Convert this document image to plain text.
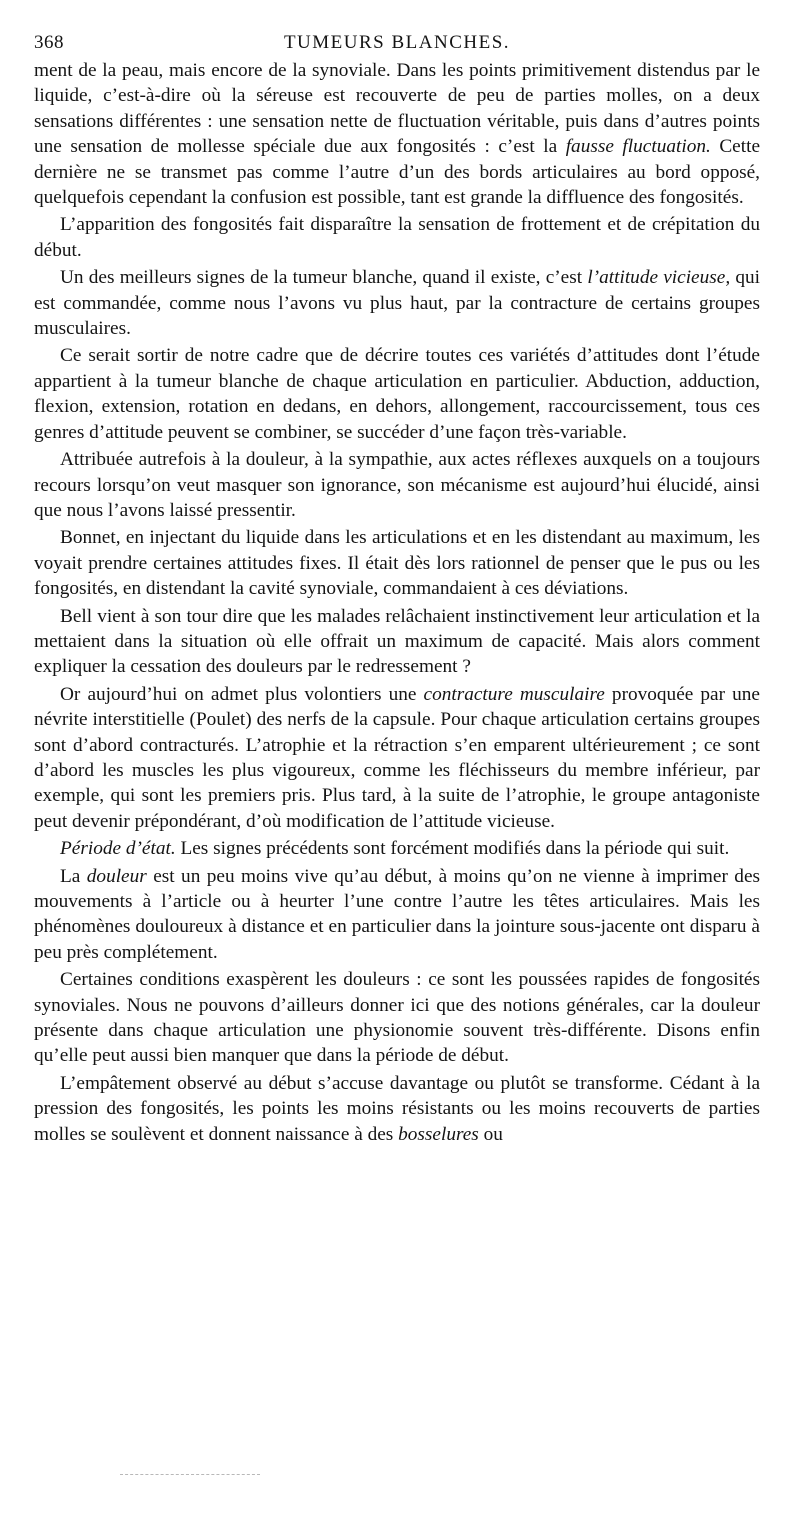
368	TUMEURS BLANCHES.

ment de la peau, mais encore de la synoviale. Dans les points primitivement distendus par le liquide, c’est-à-dire où la séreuse est recouverte de peu de parties molles, on a deux sensations différentes : une sensation nette de fluctuation véritable, puis dans d’autres points une sensation de mollesse spéciale due aux fongosités : c’est la fausse fluctuation. Cette dernière ne se transmet pas comme l’autre d’un des bords articulaires au bord opposé, quelquefois cependant la confusion est possible, tant est grande la diffluence des fongosités.

L’apparition des fongosités fait disparaître la sensation de frottement et de crépitation du début.

Un des meilleurs signes de la tumeur blanche, quand il existe, c’est l’attitude vicieuse, qui est commandée, comme nous l’avons vu plus haut, par la contracture de certains groupes musculaires.

Ce serait sortir de notre cadre que de décrire toutes ces variétés d’attitudes dont l’étude appartient à la tumeur blanche de chaque articulation en particulier. Abduction, adduction, flexion, extension, rotation en dedans, en dehors, allongement, raccourcissement, tous ces genres d’attitude peuvent se combiner, se succéder d’une façon très-variable.

Attribuée autrefois à la douleur, à la sympathie, aux actes réflexes auxquels on a toujours recours lorsqu’on veut masquer son ignorance, son mécanisme est aujourd’hui élucidé, ainsi que nous l’avons laissé pressentir.

Bonnet, en injectant du liquide dans les articulations et en les distendant au maximum, les voyait prendre certaines attitudes fixes. Il était dès lors rationnel de penser que le pus ou les fongosités, en distendant la cavité synoviale, commandaient à ces déviations.

Bell vient à son tour dire que les malades relâchaient instinctivement leur articulation et la mettaient dans la situation où elle offrait un maximum de capacité. Mais alors comment expliquer la cessation des douleurs par le redressement ?

Or aujourd’hui on admet plus volontiers une contracture musculaire provoquée par une névrite interstitielle (Poulet) des nerfs de la capsule. Pour chaque articulation certains groupes sont d’abord contracturés. L’atrophie et la rétraction s’en emparent ultérieurement ; ce sont d’abord les muscles les plus vigoureux, comme les fléchisseurs du membre inférieur, par exemple, qui sont les premiers pris. Plus tard, à la suite de l’atrophie, le groupe antagoniste peut devenir prépondérant, d’où modification de l’attitude vicieuse.

Période d’état. Les signes précédents sont forcément modifiés dans la période qui suit.

La douleur est un peu moins vive qu’au début, à moins qu’on ne vienne à imprimer des mouvements à l’article ou à heurter l’une contre l’autre les têtes articulaires. Mais les phénomènes douloureux à distance et en particulier dans la jointure sous-jacente ont disparu à peu près complétement.

Certaines conditions exaspèrent les douleurs : ce sont les poussées rapides de fongosités synoviales. Nous ne pouvons d’ailleurs donner ici que des notions générales, car la douleur présente dans chaque articulation une physionomie souvent très-différente. Disons enfin qu’elle peut aussi bien manquer que dans la période de début.

L’empâtement observé au début s’accuse davantage ou plutôt se transforme. Cédant à la pression des fongosités, les points les moins résistants ou les moins recouverts de parties molles se soulèvent et donnent naissance à des bosselures ou
